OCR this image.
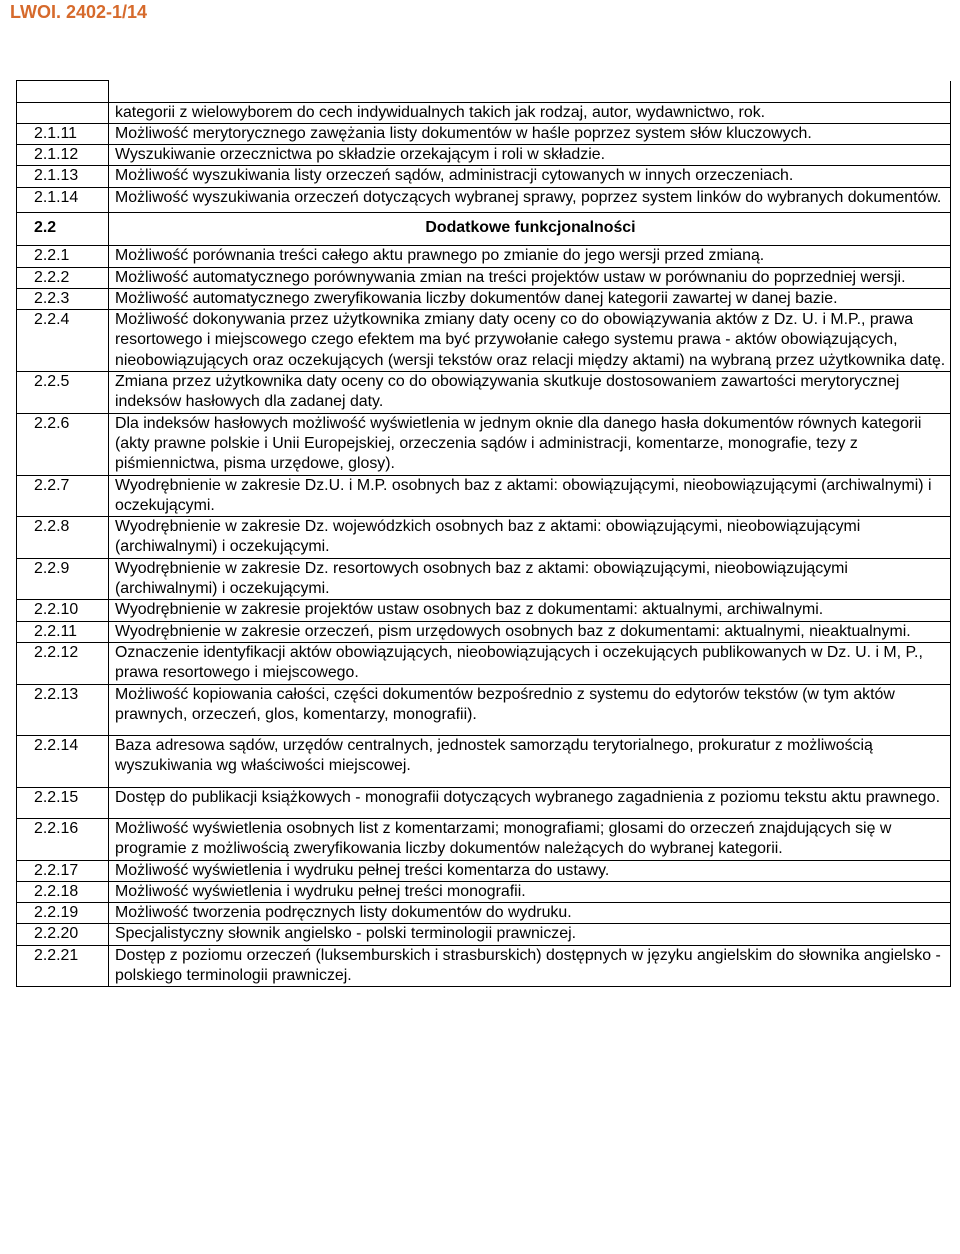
LWOI. 2402-1/14

	kategorii z wielowyborem do cech indywidualnych takich jak rodzaj, autor, wydawnictwo, rok.
2.1.11	Możliwość merytorycznego zawężania listy dokumentów w haśle poprzez system słów kluczowych.
2.1.12	Wyszukiwanie orzecznictwa po składzie orzekającym i roli w składzie.
2.1.13	Możliwość wyszukiwania listy orzeczeń sądów, administracji cytowanych w innych orzeczeniach.
2.1.14	Możliwość wyszukiwania orzeczeń dotyczących wybranej sprawy, poprzez system linków do wybranych dokumentów.
2.2	Dodatkowe funkcjonalności
2.2.1	Możliwość porównania treści całego aktu prawnego po zmianie do jego wersji przed zmianą.
2.2.2	Możliwość automatycznego porównywania zmian na treści projektów ustaw w porównaniu do poprzedniej wersji.
2.2.3	Możliwość automatycznego zweryfikowania liczby dokumentów danej kategorii zawartej w danej bazie.
2.2.4	Możliwość dokonywania przez użytkownika zmiany daty oceny co do obowiązywania aktów z Dz. U. i M.P., prawa resortowego i miejscowego czego efektem ma być przywołanie całego systemu prawa - aktów obowiązujących, nieobowiązujących oraz oczekujących (wersji tekstów oraz relacji między aktami) na wybraną przez użytkownika datę.
2.2.5	Zmiana przez użytkownika daty oceny co do obowiązywania skutkuje dostosowaniem zawartości merytorycznej indeksów hasłowych dla zadanej daty.
2.2.6	Dla indeksów hasłowych możliwość wyświetlenia w jednym oknie dla danego hasła dokumentów równych kategorii (akty prawne polskie i Unii Europejskiej, orzeczenia sądów i administracji, komentarze, monografie, tezy z piśmiennictwa, pisma urzędowe, glosy).
2.2.7	Wyodrębnienie w zakresie Dz.U. i M.P. osobnych baz z aktami: obowiązującymi, nieobowiązującymi (archiwalnymi) i oczekującymi.
2.2.8	Wyodrębnienie w zakresie Dz. wojewódzkich osobnych baz z aktami: obowiązującymi, nieobowiązującymi (archiwalnymi) i oczekującymi.
2.2.9	Wyodrębnienie w zakresie Dz. resortowych osobnych baz z aktami: obowiązującymi, nieobowiązującymi (archiwalnymi) i oczekującymi.
2.2.10	Wyodrębnienie w zakresie projektów ustaw osobnych baz z dokumentami: aktualnymi, archiwalnymi.
2.2.11	Wyodrębnienie w zakresie orzeczeń, pism urzędowych osobnych baz z dokumentami: aktualnymi, nieaktualnymi.
2.2.12	Oznaczenie identyfikacji aktów obowiązujących, nieobowiązujących i oczekujących publikowanych w Dz. U. i M, P., prawa resortowego i miejscowego.
2.2.13	Możliwość kopiowania całości, części dokumentów bezpośrednio z systemu do edytorów tekstów (w tym aktów prawnych, orzeczeń, glos, komentarzy, monografii).
2.2.14	Baza adresowa sądów, urzędów centralnych, jednostek samorządu terytorialnego, prokuratur z możliwością wyszukiwania wg właściwości miejscowej.
2.2.15	Dostęp do publikacji książkowych - monografii dotyczących wybranego zagadnienia z poziomu tekstu aktu prawnego.
2.2.16	Możliwość wyświetlenia osobnych list z komentarzami; monografiami; glosami do orzeczeń znajdujących się w programie z możliwością zweryfikowania liczby dokumentów należących do wybranej kategorii.
2.2.17	Możliwość wyświetlenia i wydruku pełnej treści komentarza do ustawy.
2.2.18	Możliwość wyświetlenia i wydruku pełnej treści monografii.
2.2.19	Możliwość tworzenia podręcznych listy dokumentów do wydruku.
2.2.20	Specjalistyczny słownik angielsko - polski terminologii prawniczej.
2.2.21	Dostęp z poziomu orzeczeń (luksemburskich i strasburskich) dostępnych w języku angielskim do słownika angielsko - polskiego terminologii prawniczej.
